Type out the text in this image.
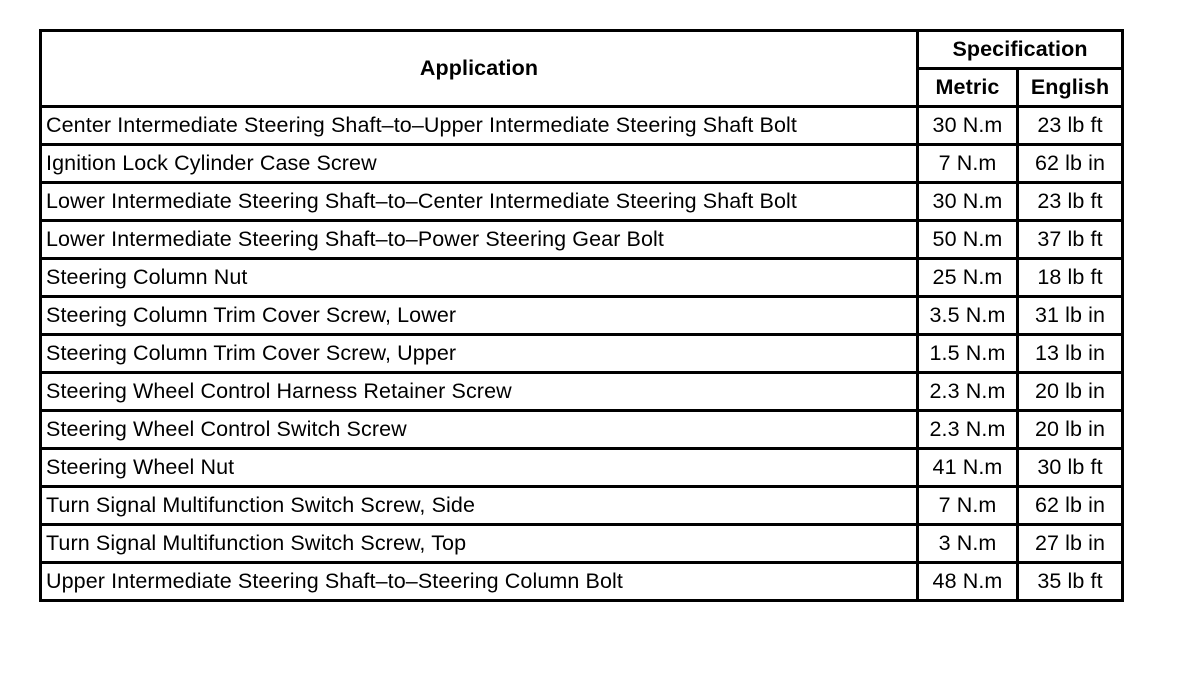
Application	Specification	
	Metric	English
Center Intermediate Steering Shaft–to–Upper Intermediate Steering Shaft Bolt	30 N.m	23 lb ft
Ignition Lock Cylinder Case Screw	7 N.m	62 lb in
Lower Intermediate Steering Shaft–to–Center Intermediate Steering Shaft Bolt	30 N.m	23 lb ft
Lower Intermediate Steering Shaft–to–Power Steering Gear Bolt	50 N.m	37 lb ft
Steering Column Nut	25 N.m	18 lb ft
Steering Column Trim Cover Screw, Lower	3.5 N.m	31 lb in
Steering Column Trim Cover Screw, Upper	1.5 N.m	13 lb in
Steering Wheel Control Harness Retainer Screw	2.3 N.m	20 lb in
Steering Wheel Control Switch Screw	2.3 N.m	20 lb in
Steering Wheel Nut	41 N.m	30 lb ft
Turn Signal Multifunction Switch Screw, Side	7 N.m	62 lb in
Turn Signal Multifunction Switch Screw, Top	3 N.m	27 lb in
Upper Intermediate Steering Shaft–to–Steering Column Bolt	48 N.m	35 lb ft
